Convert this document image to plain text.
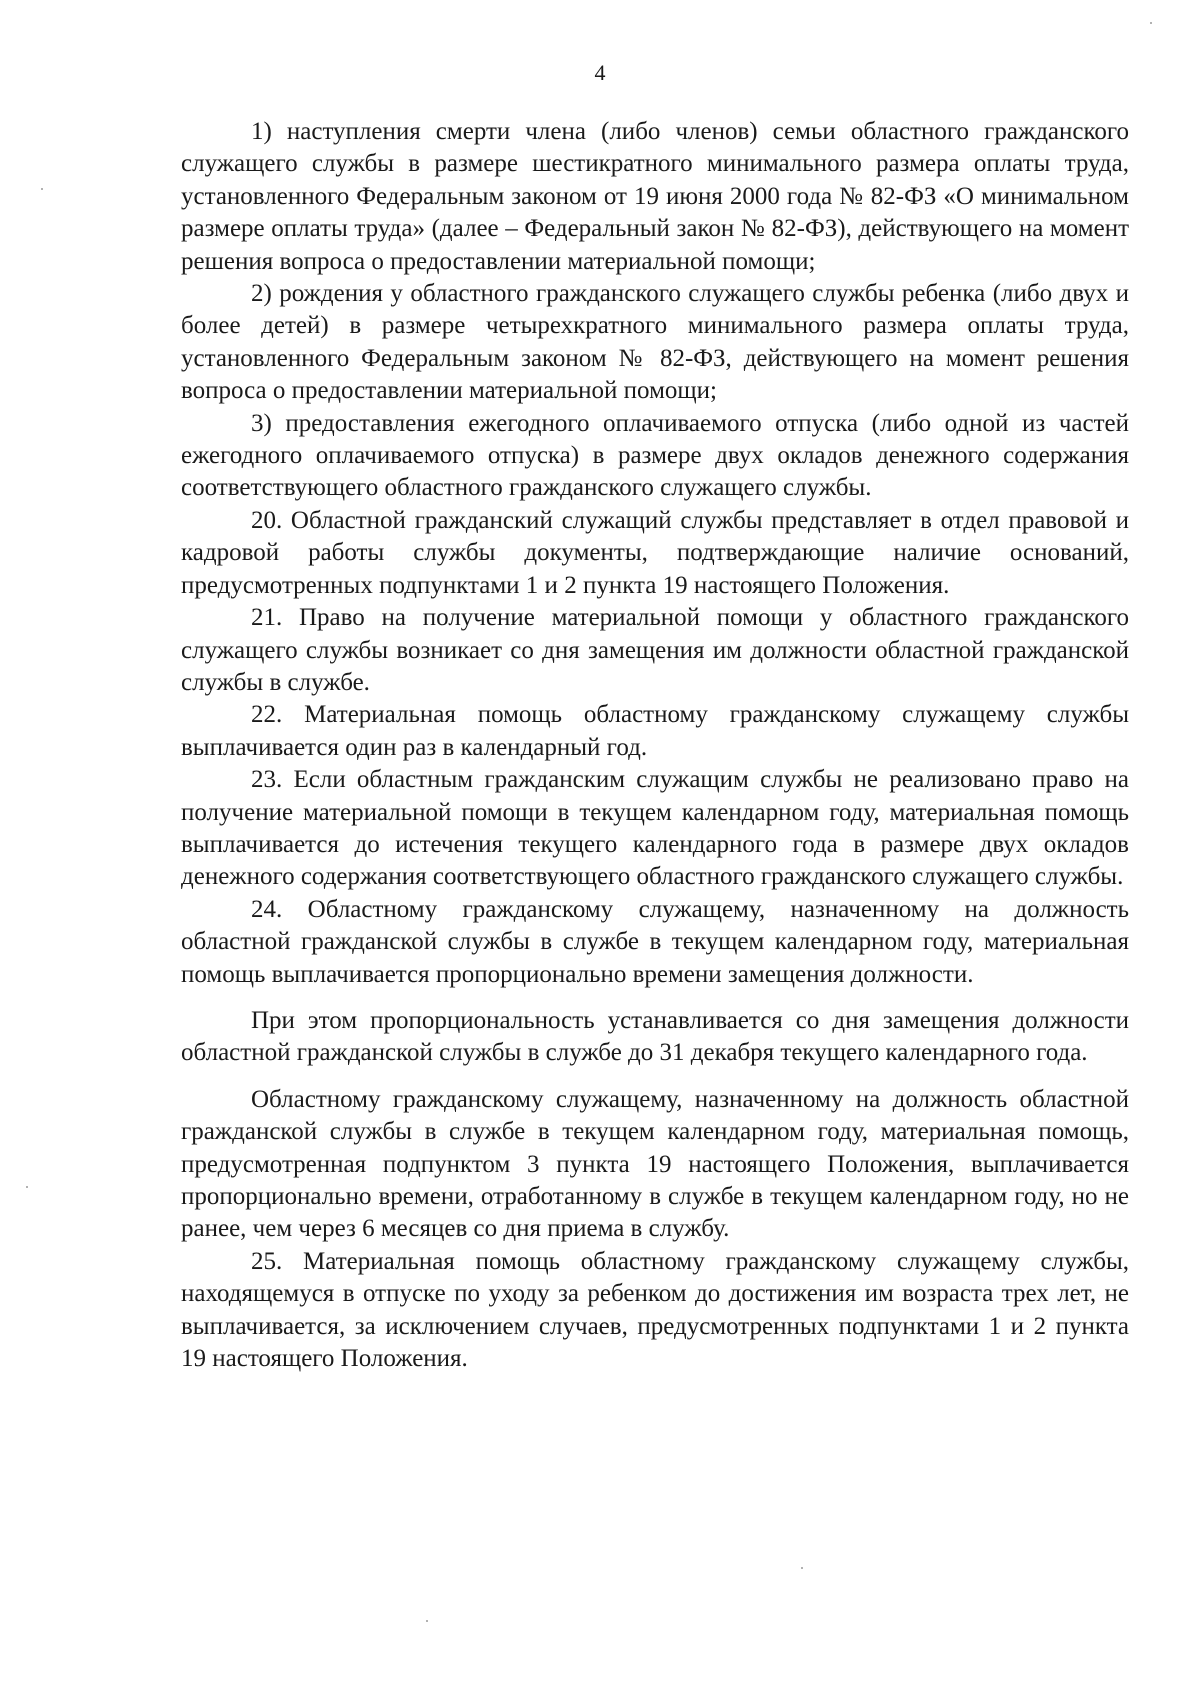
4

1) наступления смерти члена (либо членов) семьи областного гражданского служащего службы в размере шестикратного минимального размера оплаты труда, установленного Федеральным законом от 19 июня 2000 года № 82-ФЗ «О минимальном размере оплаты труда» (далее – Федеральный закон № 82-ФЗ), действующего на момент решения вопроса о предоставлении материальной помощи;

2) рождения у областного гражданского служащего службы ребенка (либо двух и более детей) в размере четырехкратного минимального размера оплаты труда, установленного Федеральным законом № 82-ФЗ, действующего на момент решения вопроса о предоставлении материальной помощи;

3) предоставления ежегодного оплачиваемого отпуска (либо одной из частей ежегодного оплачиваемого отпуска) в размере двух окладов денежного содержания соответствующего областного гражданского служащего службы.

20. Областной гражданский служащий службы представляет в отдел правовой и кадровой работы службы документы, подтверждающие наличие оснований, предусмотренных подпунктами 1 и 2 пункта 19 настоящего Положения.

21. Право на получение материальной помощи у областного гражданского служащего службы возникает со дня замещения им должности областной гражданской службы в службе.

22. Материальная помощь областному гражданскому служащему службы выплачивается один раз в календарный год.

23. Если областным гражданским служащим службы не реализовано право на получение материальной помощи в текущем календарном году, материальная помощь выплачивается до истечения текущего календарного года в размере двух окладов денежного содержания соответствующего областного гражданского служащего службы.

24. Областному гражданскому служащему, назначенному на должность областной гражданской службы в службе в текущем календарном году, материальная помощь выплачивается пропорционально времени замещения должности.

При этом пропорциональность устанавливается со дня замещения должности областной гражданской службы в службе до 31 декабря текущего календарного года.

Областному гражданскому служащему, назначенному на должность областной гражданской службы в службе в текущем календарном году, материальная помощь, предусмотренная подпунктом 3 пункта 19 настоящего Положения, выплачивается пропорционально времени, отработанному в службе в текущем календарном году, но не ранее, чем через 6 месяцев со дня приема в службу.

25. Материальная помощь областному гражданскому служащему службы, находящемуся в отпуске по уходу за ребенком до достижения им возраста трех лет, не выплачивается, за исключением случаев, предусмотренных подпунктами 1 и 2 пункта 19 настоящего Положения.
